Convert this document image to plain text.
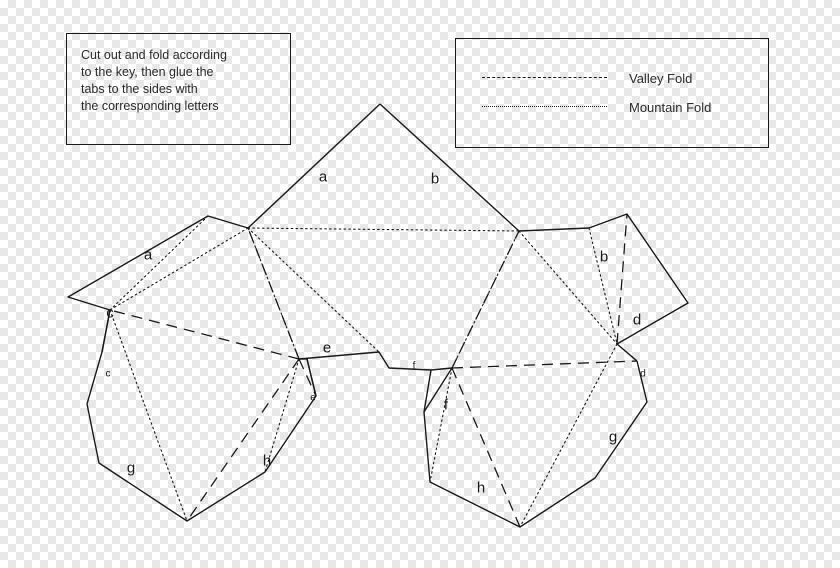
Cut out and fold according
to the key, then glue the
tabs to the sides with
the corresponding letters
Valley Fold
Mountain Fold
a	b
a	b
c	d
e
f
c	d
e	f
g
g
h
h
